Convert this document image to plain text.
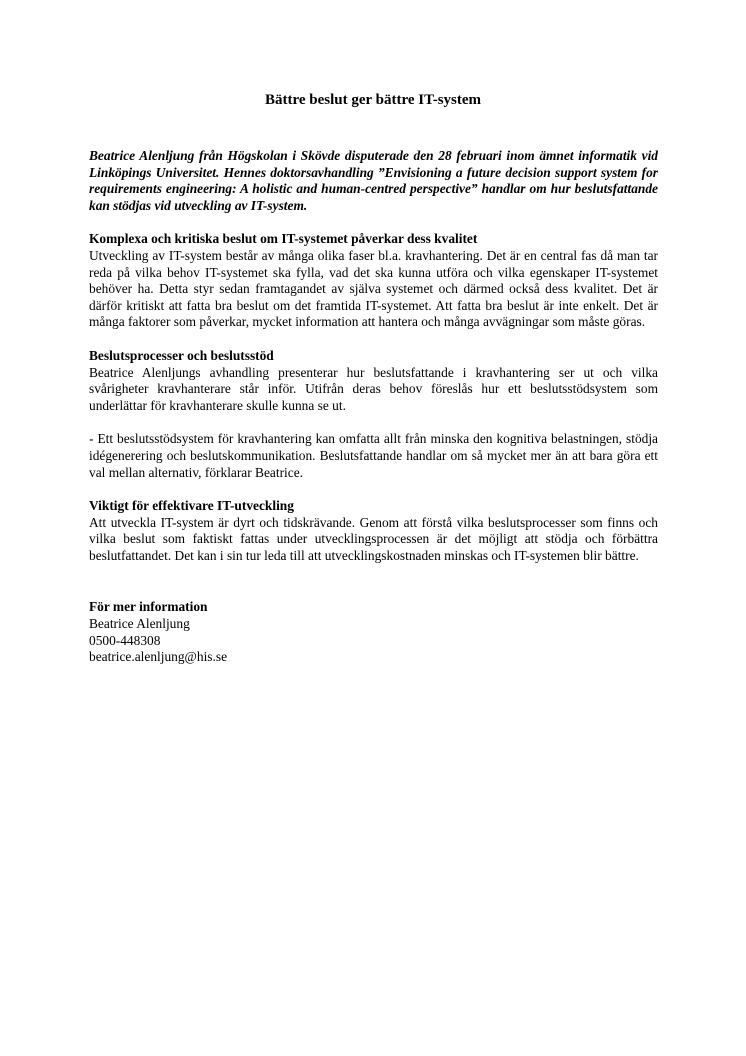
Bättre beslut ger bättre IT-system

Beatrice Alenljung från Högskolan i Skövde disputerade den 28 februari inom ämnet informatik vid Linköpings Universitet. Hennes doktorsavhandling ”Envisioning a future decision support system for requirements engineering: A holistic and human-centred perspective” handlar om hur beslutsfattande kan stödjas vid utveckling av IT-system.

Komplexa och kritiska beslut om IT-systemet påverkar dess kvalitet

Utveckling av IT-system består av många olika faser bl.a. kravhantering. Det är en central fas då man tar reda på vilka behov IT-systemet ska fylla, vad det ska kunna utföra och vilka egenskaper IT-systemet behöver ha. Detta styr sedan framtagandet av själva systemet och därmed också dess kvalitet. Det är därför kritiskt att fatta bra beslut om det framtida IT-systemet. Att fatta bra beslut är inte enkelt. Det är många faktorer som påverkar, mycket information att hantera och många avvägningar som måste göras.

Beslutsprocesser och beslutsstöd

Beatrice Alenljungs avhandling presenterar hur beslutsfattande i kravhantering ser ut och vilka svårigheter kravhanterare står inför. Utifrån deras behov föreslås hur ett beslutsstödsystem som underlättar för kravhanterare skulle kunna se ut.

- Ett beslutsstödsystem för kravhantering kan omfatta allt från minska den kognitiva belastningen, stödja idégenerering och beslutskommunikation. Beslutsfattande handlar om så mycket mer än att bara göra ett val mellan alternativ, förklarar Beatrice.

Viktigt för effektivare IT-utveckling

Att utveckla IT-system är dyrt och tidskrävande. Genom att förstå vilka beslutsprocesser som finns och vilka beslut som faktiskt fattas under utvecklingsprocessen är det möjligt att stödja och förbättra beslutfattandet. Det kan i sin tur leda till att utvecklingskostnaden minskas och IT-systemen blir bättre.

För mer information
Beatrice Alenljung
0500-448308
beatrice.alenljung@his.se
